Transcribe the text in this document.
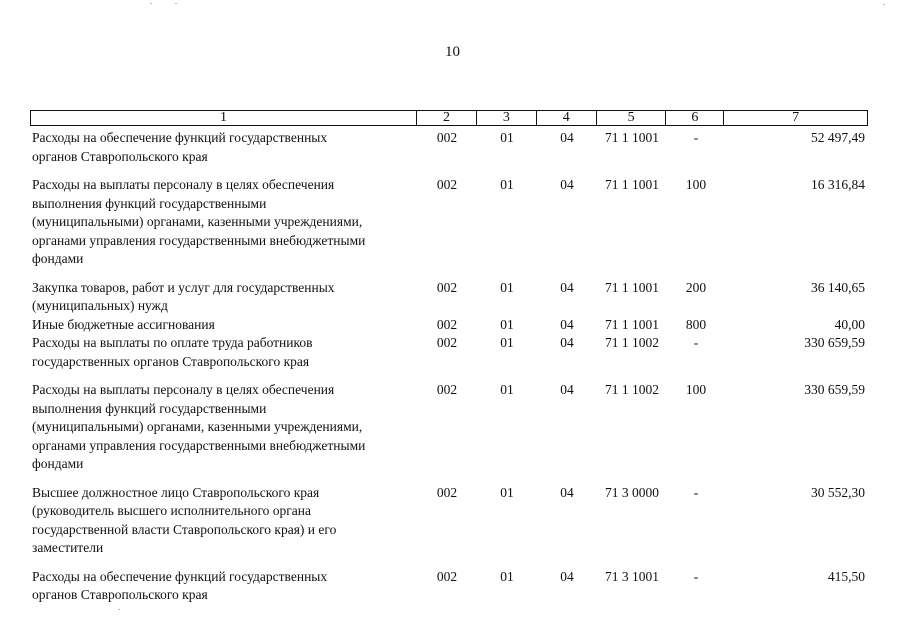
10
1	2	3	4	5	6	7
Расходы на обеспечение функций государственных
органов Ставропольского края
002	01	04	71 1 1001	-	52 497,49
Расходы на выплаты персоналу в целях обеспечения
выполнения функций государственными
(муниципальными) органами, казенными учреждениями,
органами управления государственными внебюджетными
фондами
002	01	04	71 1 1001	100	16 316,84
Закупка товаров, работ и услуг для государственных
(муниципальных) нужд
002	01	04	71 1 1001	200	36 140,65
Иные бюджетные ассигнования	002	01	04	71 1 1001	800	40,00
Расходы на выплаты по оплате труда работников
государственных органов Ставропольского края
002	01	04	71 1 1002	-	330 659,59
Расходы на выплаты персоналу в целях обеспечения
выполнения функций государственными
(муниципальными) органами, казенными учреждениями,
органами управления государственными внебюджетными
фондами
002	01	04	71 1 1002	100	330 659,59
Высшее должностное лицо Ставропольского края
(руководитель высшего исполнительного органа
государственной власти Ставропольского края) и его
заместители
002	01	04	71 3 0000	-	30 552,30
Расходы на обеспечение функций государственных
органов Ставропольского края
002	01	04	71 3 1001	-	415,50
